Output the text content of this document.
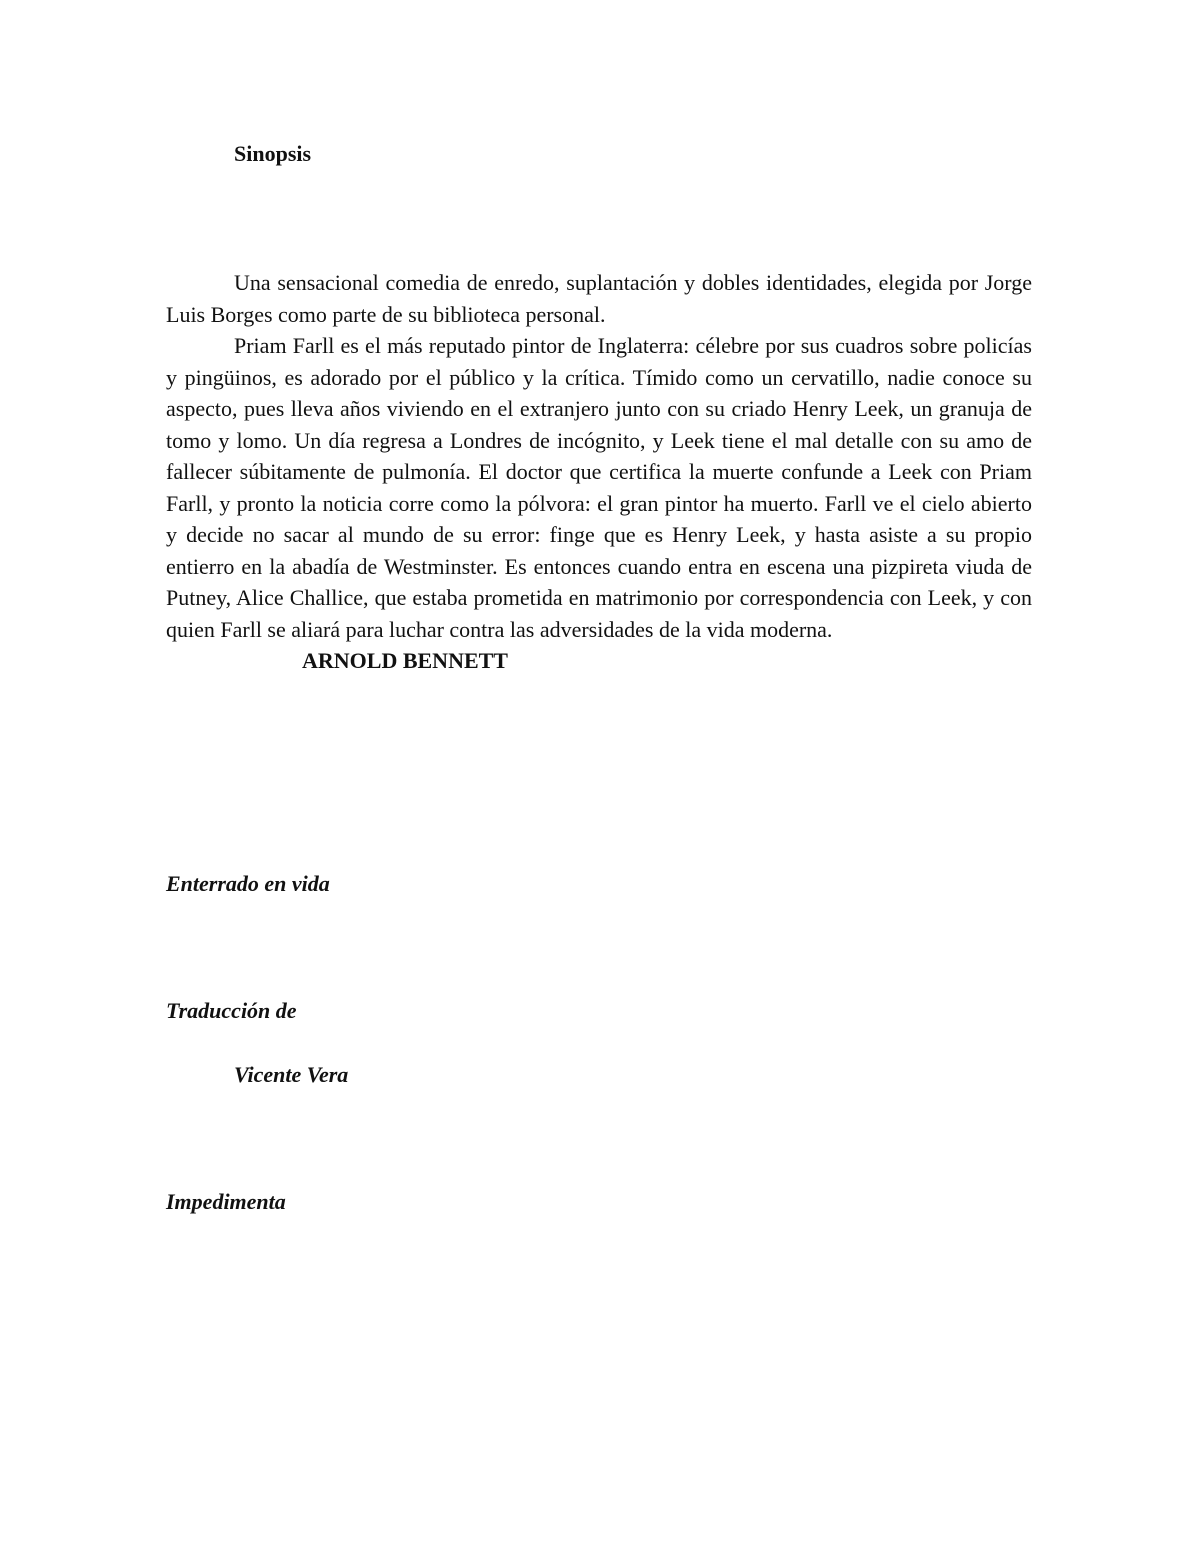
Sinopsis

Una sensacional comedia de enredo, suplantación y dobles identidades, elegida por Jorge Luis Borges como parte de su biblioteca personal.

Priam Farll es el más reputado pintor de Inglaterra: célebre por sus cuadros sobre policías y pingüinos, es adorado por el público y la crítica. Tímido como un cervatillo, nadie conoce su aspecto, pues lleva años viviendo en el extranjero junto con su criado Henry Leek, un granuja de tomo y lomo. Un día regresa a Londres de incógnito, y Leek tiene el mal detalle con su amo de fallecer súbitamente de pulmonía. El doctor que certifica la muerte confunde a Leek con Priam Farll, y pronto la noticia corre como la pólvora: el gran pintor ha muerto. Farll ve el cielo abierto y decide no sacar al mundo de su error: finge que es Henry Leek, y hasta asiste a su propio entierro en la abadía de Westminster. Es entonces cuando entra en escena una pizpireta viuda de Putney, Alice Challice, que estaba prometida en matrimonio por correspondencia con Leek, y con quien Farll se aliará para luchar contra las adversidades de la vida moderna.

ARNOLD BENNETT

Enterrado en vida

Traducción de

Vicente Vera

Impedimenta
